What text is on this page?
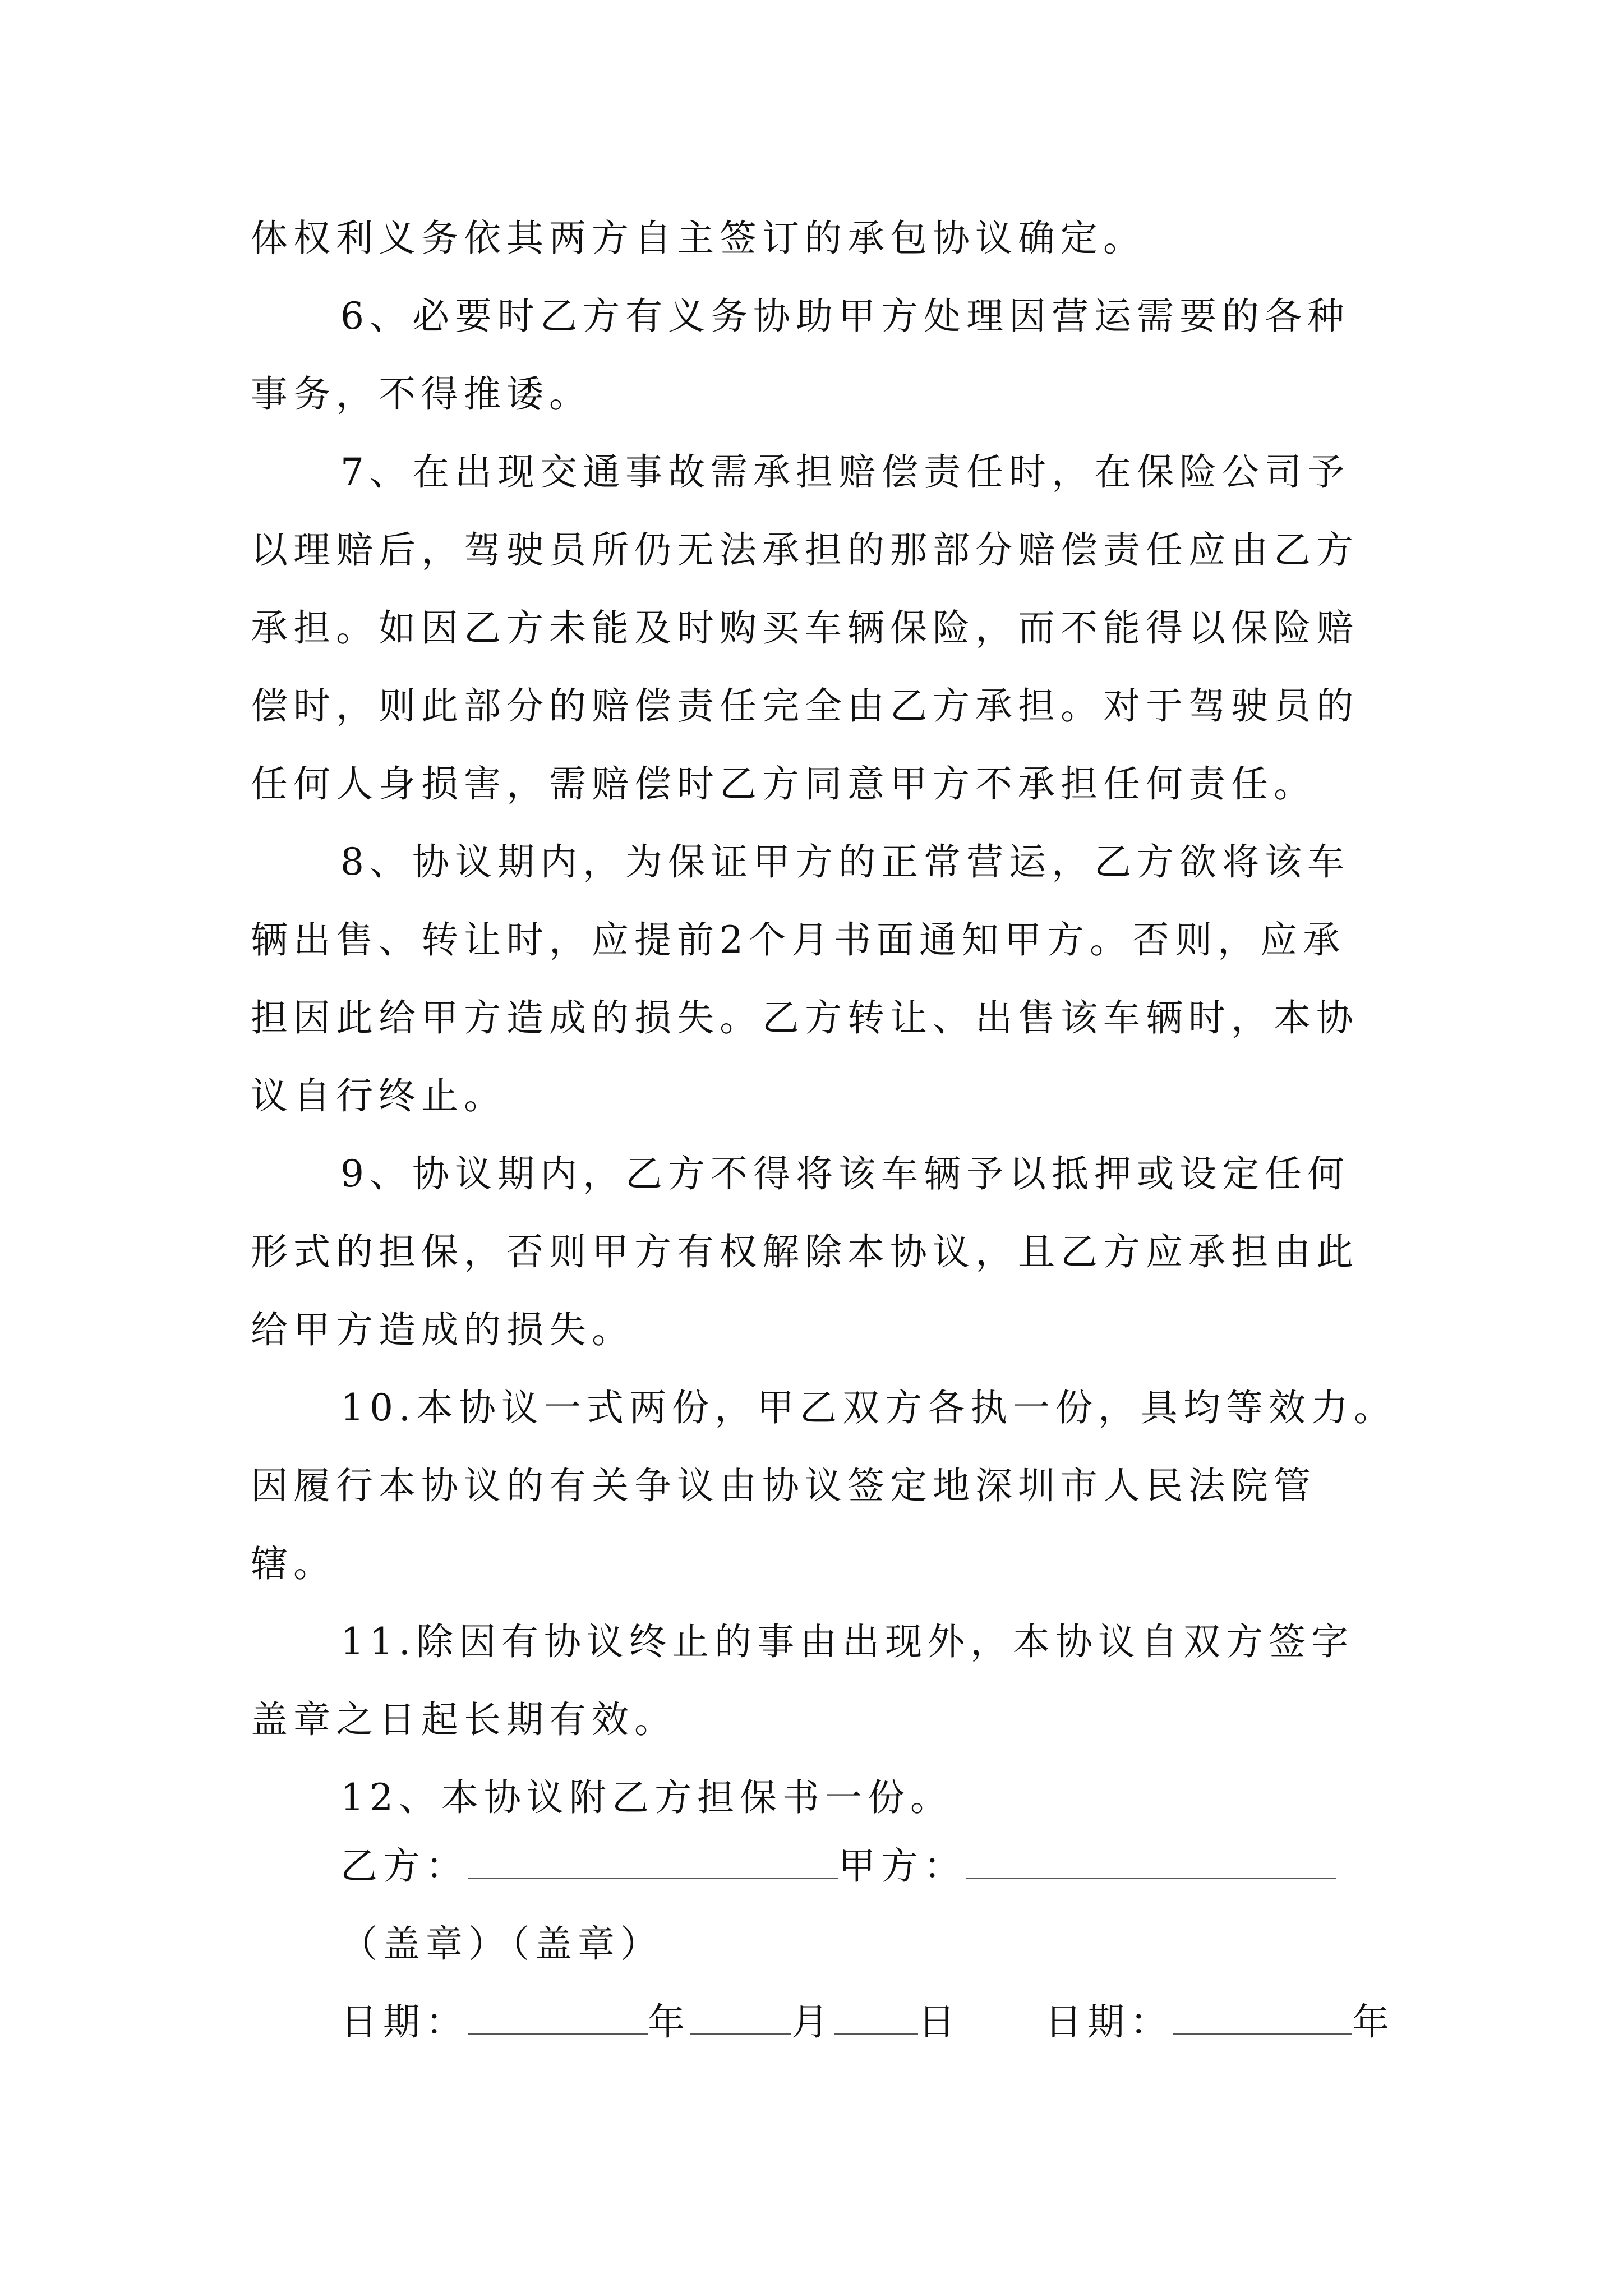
体权利义务依其两方自主签订的承包协议确定。
6、必要时乙方有义务协助甲方处理因营运需要的各种
事务，不得推诿。
7、在出现交通事故需承担赔偿责任时，在保险公司予
以理赔后，驾驶员所仍无法承担的那部分赔偿责任应由乙方
承担。如因乙方未能及时购买车辆保险，而不能得以保险赔
偿时，则此部分的赔偿责任完全由乙方承担。对于驾驶员的
任何人身损害，需赔偿时乙方同意甲方不承担任何责任。
8、协议期内，为保证甲方的正常营运，乙方欲将该车
辆出售、转让时，应提前2个月书面通知甲方。否则，应承
担因此给甲方造成的损失。乙方转让、出售该车辆时，本协
议自行终止。
9、协议期内，乙方不得将该车辆予以抵押或设定任何
形式的担保，否则甲方有权解除本协议，且乙方应承担由此
给甲方造成的损失。
10.本协议一式两份，甲乙双方各执一份，具均等效力。
因履行本协议的有关争议由协议签定地深圳市人民法院管
辖。
11.除因有协议终止的事由出现外，本协议自双方签字
盖章之日起长期有效。
12、本协议附乙方担保书一份。
乙方：	甲方：
（盖章）（盖章）
日期：	年	月 日 日期：	年
